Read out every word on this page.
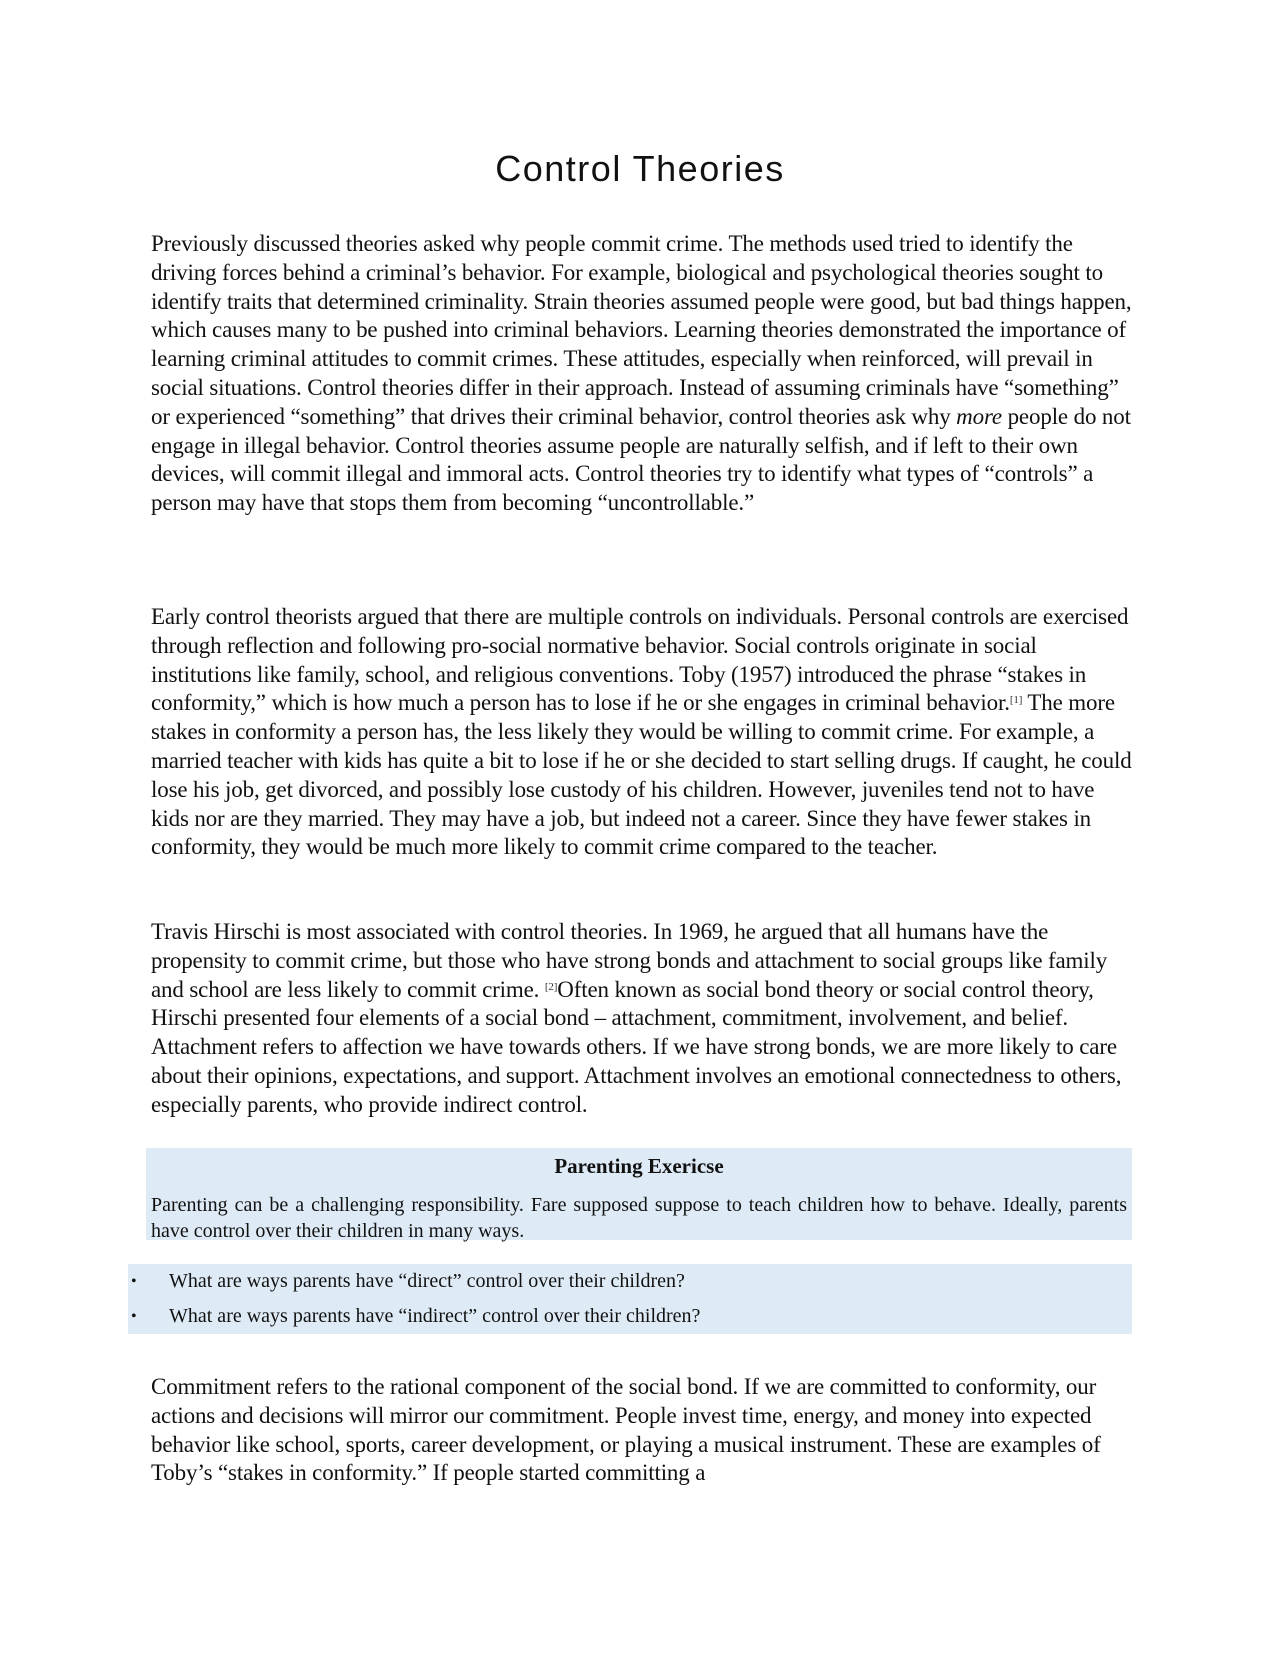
Control Theories

Previously discussed theories asked why people commit crime. The methods used tried to identify the driving forces behind a criminal’s behavior. For example, biological and psychological theories sought to identify traits that determined criminality. Strain theories assumed people were good, but bad things happen, which causes many to be pushed into criminal behaviors. Learning theories demonstrated the importance of learning criminal attitudes to commit crimes. These attitudes, especially when reinforced, will prevail in social situations. Control theories differ in their approach. Instead of assuming criminals have “something” or experienced “something” that drives their criminal behavior, control theories ask why more people do not engage in illegal behavior. Control theories assume people are naturally selfish, and if left to their own devices, will commit illegal and immoral acts. Control theories try to identify what types of “controls” a person may have that stops them from becoming “uncontrollable.”

Early control theorists argued that there are multiple controls on individuals. Personal controls are exercised through reflection and following pro-social normative behavior. Social controls originate in social institutions like family, school, and religious conventions. Toby (1957) introduced the phrase “stakes in conformity,” which is how much a person has to lose if he or she engages in criminal behavior.[1] The more stakes in conformity a person has, the less likely they would be willing to commit crime. For example, a married teacher with kids has quite a bit to lose if he or she decided to start selling drugs. If caught, he could lose his job, get divorced, and possibly lose custody of his children. However, juveniles tend not to have kids nor are they married. They may have a job, but indeed not a career. Since they have fewer stakes in conformity, they would be much more likely to commit crime compared to the teacher.

Travis Hirschi is most associated with control theories. In 1969, he argued that all humans have the propensity to commit crime, but those who have strong bonds and attachment to social groups like family and school are less likely to commit crime. [2]Often known as social bond theory or social control theory, Hirschi presented four elements of a social bond – attachment, commitment, involvement, and belief. Attachment refers to affection we have towards others. If we have strong bonds, we are more likely to care about their opinions, expectations, and support. Attachment involves an emotional connectedness to others, especially parents, who provide indirect control.

Parenting Exericse
Parenting can be a challenging responsibility. Fare supposed suppose to teach children how to behave. Ideally, parents have control over their children in many ways.
• What are ways parents have “direct” control over their children?
• What are ways parents have “indirect” control over their children?

Commitment refers to the rational component of the social bond. If we are committed to conformity, our actions and decisions will mirror our commitment. People invest time, energy, and money into expected behavior like school, sports, career development, or playing a musical instrument. These are examples of Toby’s “stakes in conformity.” If people started committing a
